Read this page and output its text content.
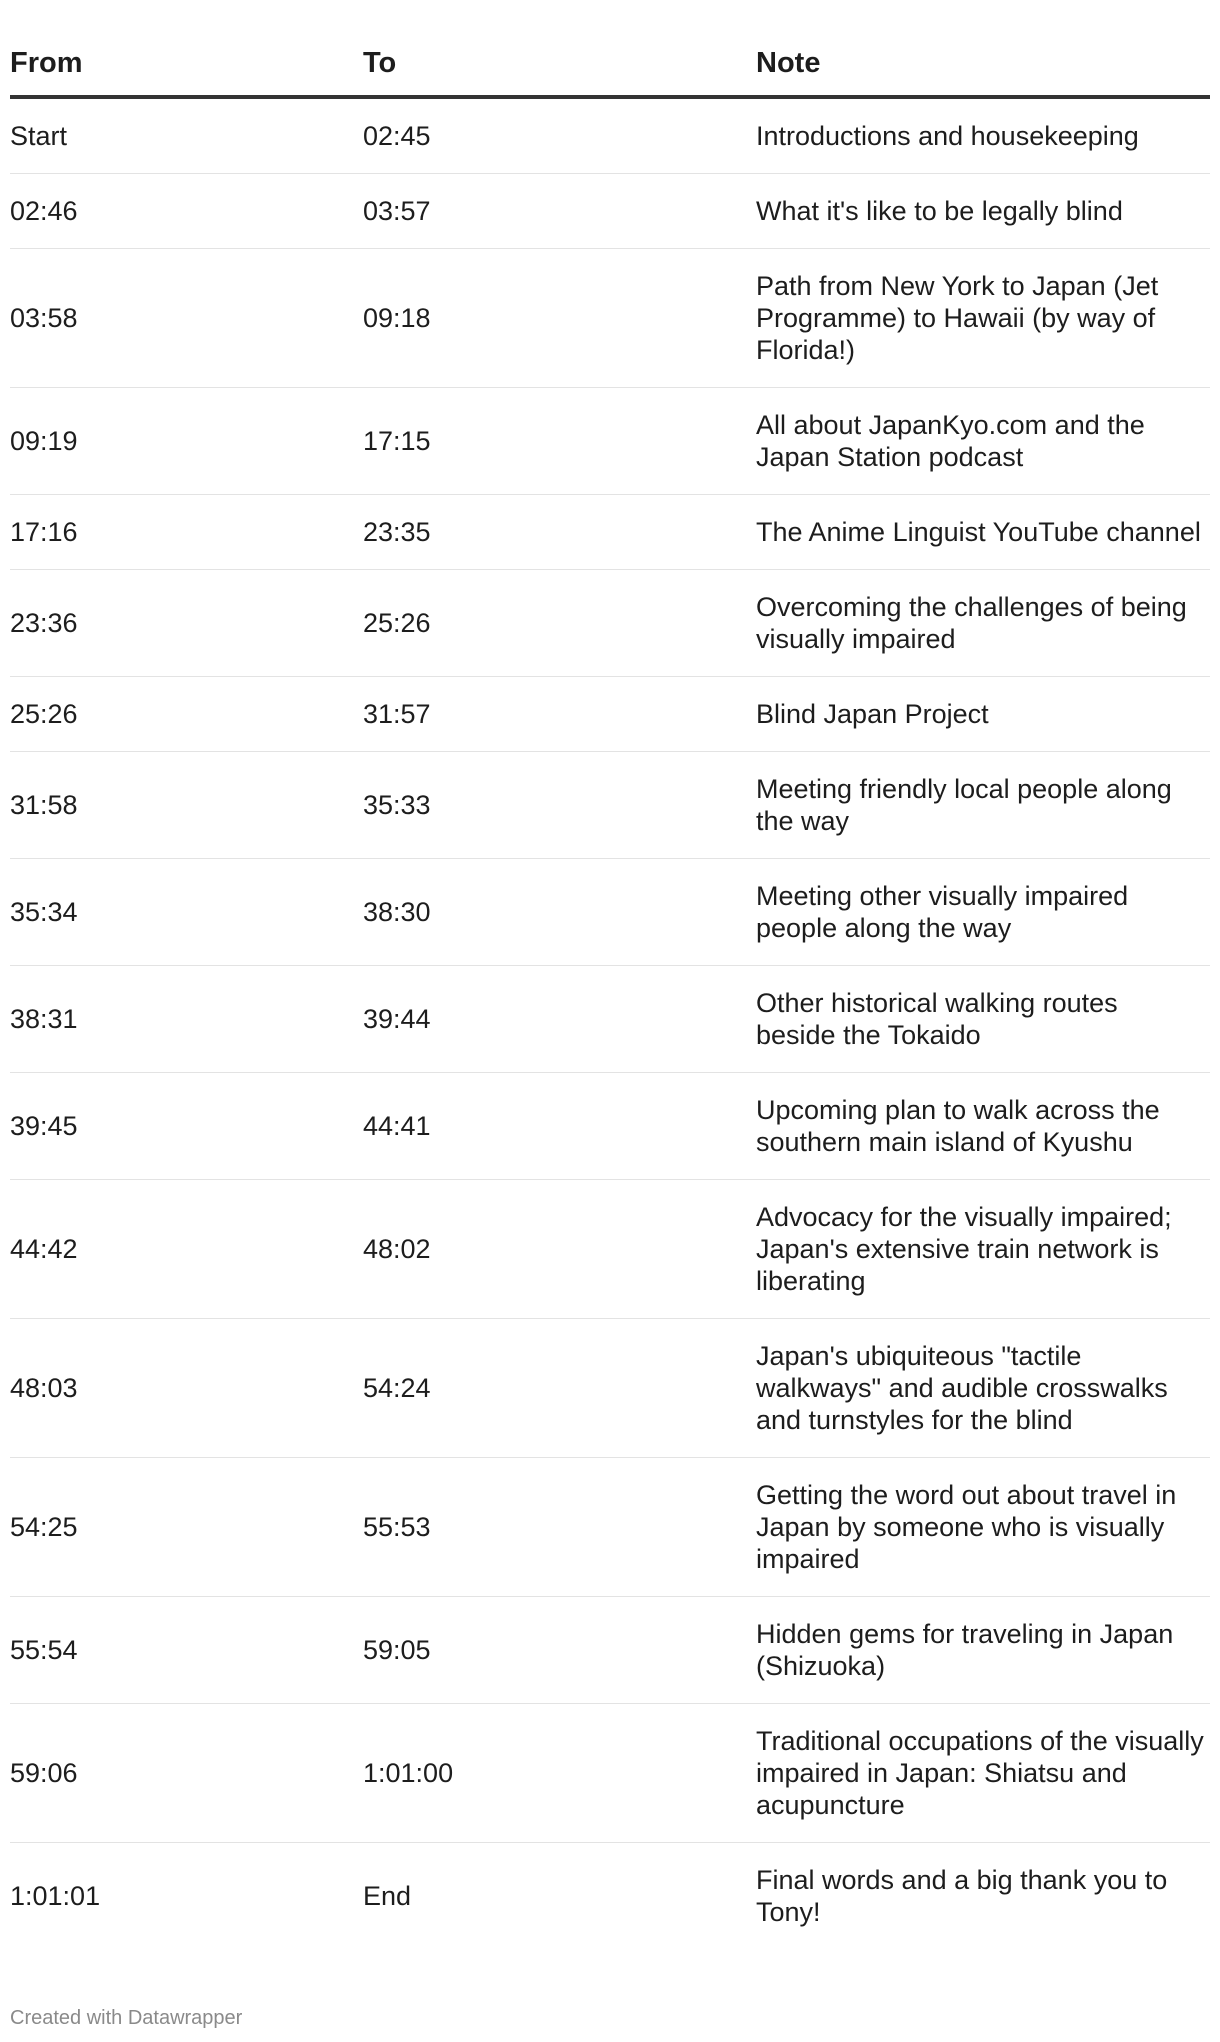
From	To	Note
Start	02:45	Introductions and housekeeping
02:46	03:57	What it's like to be legally blind
03:58	09:18	Path from New York to Japan (Jet Programme) to Hawaii (by way of Florida!)
09:19	17:15	All about JapanKyo.com and the Japan Station podcast
17:16	23:35	The Anime Linguist YouTube channel
23:36	25:26	Overcoming the challenges of being visually impaired
25:26	31:57	Blind Japan Project
31:58	35:33	Meeting friendly local people along the way
35:34	38:30	Meeting other visually impaired people along the way
38:31	39:44	Other historical walking routes beside the Tokaido
39:45	44:41	Upcoming plan to walk across the southern main island of Kyushu
44:42	48:02	Advocacy for the visually impaired; Japan's extensive train network is liberating
48:03	54:24	Japan's ubiquiteous "tactile walkways" and audible crosswalks and turnstyles for the blind
54:25	55:53	Getting the word out about travel in Japan by someone who is visually impaired
55:54	59:05	Hidden gems for traveling in Japan (Shizuoka)
59:06	1:01:00	Traditional occupations of the visually impaired in Japan: Shiatsu and acupuncture
1:01:01	End	Final words and a big thank you to Tony!
Created with Datawrapper
